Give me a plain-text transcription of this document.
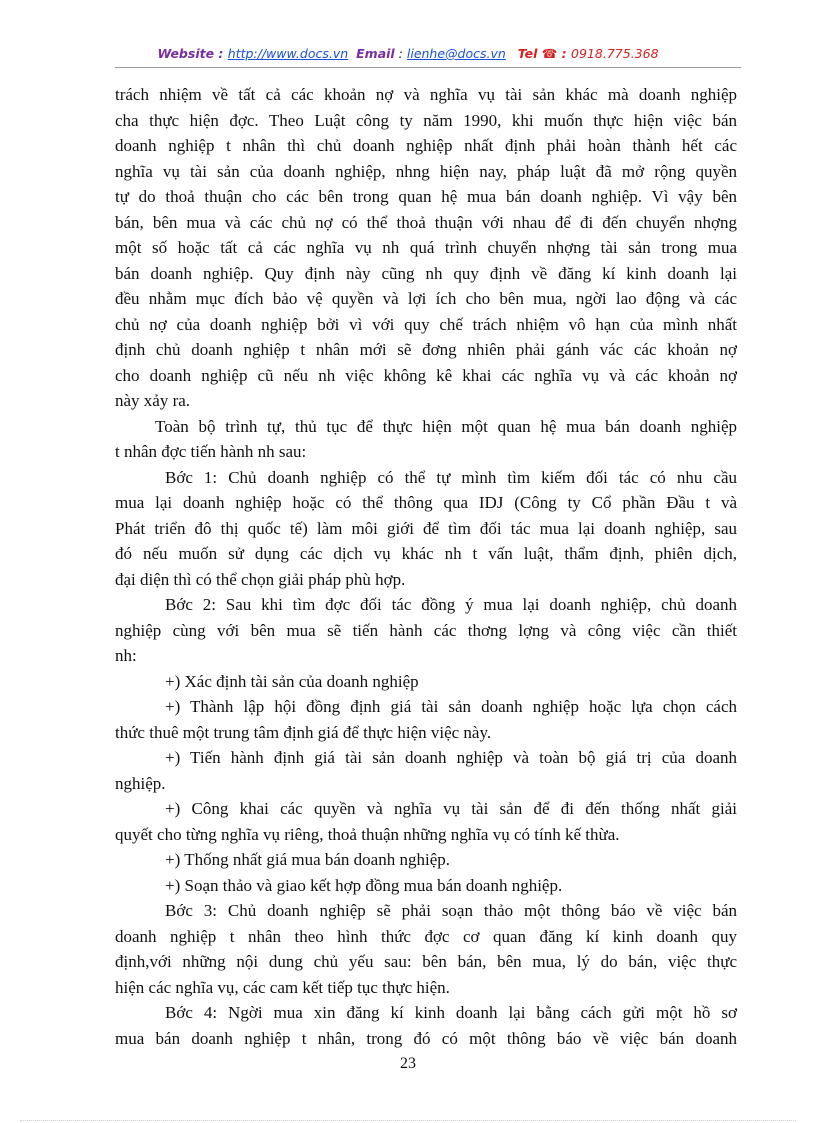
Website : http://www.docs.vn Email : lienhe@docs.vn Tel ☎ : 0918.775.368
trách nhiệm về tất cả các khoản nợ và nghĩa vụ tài sản khác mà doanh nghiệp
cha thực hiện đợc. Theo Luật công ty năm 1990, khi muốn thực hiện việc bán
doanh nghiệp t nhân thì chủ doanh nghiệp nhất định phải hoàn thành hết các
nghĩa vụ tài sản của doanh nghiệp, nhng hiện nay, pháp luật đã mở rộng quyền
tự do thoả thuận cho các bên trong quan hệ mua bán doanh nghiệp. Vì vậy bên
bán, bên mua và các chủ nợ có thể thoả thuận với nhau để đi đến chuyển nhợng
một số hoặc tất cả các nghĩa vụ nh quá trình chuyển nhợng tài sản trong mua
bán doanh nghiệp. Quy định này cũng nh quy định về đăng kí kinh doanh lại
đều nhằm mục đích bảo vệ quyền và lợi ích cho bên mua, ngời lao động và các
chủ nợ của doanh nghiệp bởi vì với quy chế trách nhiệm vô hạn của mình nhất
định chủ doanh nghiệp t nhân mới sẽ đơng nhiên phải gánh vác các khoản nợ
cho doanh nghiệp cũ nếu nh việc không kê khai các nghĩa vụ và các khoản nợ
này xảy ra.
Toàn bộ trình tự, thủ tục để thực hiện một quan hệ mua bán doanh nghiệp
t nhân đợc tiến hành nh sau:
Bớc 1: Chủ doanh nghiệp có thể tự mình tìm kiếm đối tác có nhu cầu
mua lại doanh nghiệp hoặc có thể thông qua IDJ (Công ty Cổ phần Đầu t và
Phát triển đô thị quốc tế) làm môi giới để tìm đối tác mua lại doanh nghiệp, sau
đó nếu muốn sử dụng các dịch vụ khác nh t vấn luật, thẩm định, phiên dịch,
đại diện thì có thể chọn giải pháp phù hợp.
Bớc 2: Sau khi tìm đợc đối tác đồng ý mua lại doanh nghiệp, chủ doanh
nghiệp cùng với bên mua sẽ tiến hành các thơng lợng và công việc cần thiết
nh:
+) Xác định tài sản của doanh nghiệp
+) Thành lập hội đồng định giá tài sản doanh nghiệp hoặc lựa chọn cách
thức thuê một trung tâm định giá để thực hiện việc này.
+) Tiến hành định giá tài sản doanh nghiệp và toàn bộ giá trị của doanh
nghiệp.
+) Công khai các quyền và nghĩa vụ tài sản để đi đến thống nhất giải
quyết cho từng nghĩa vụ riêng, thoả thuận những nghĩa vụ có tính kế thừa.
+) Thống nhất giá mua bán doanh nghiệp.
+) Soạn thảo và giao kết hợp đồng mua bán doanh nghiệp.
Bớc 3: Chủ doanh nghiệp sẽ phải soạn thảo một thông báo về việc bán
doanh nghiệp t nhân theo hình thức đợc cơ quan đăng kí kinh doanh quy
định,với những nội dung chủ yếu sau: bên bán, bên mua, lý do bán, việc thực
hiện các nghĩa vụ, các cam kết tiếp tục thực hiện.
Bớc 4: Ngời mua xin đăng kí kinh doanh lại bằng cách gửi một hồ sơ
mua bán doanh nghiệp t nhân, trong đó có một thông báo về việc bán doanh
23
